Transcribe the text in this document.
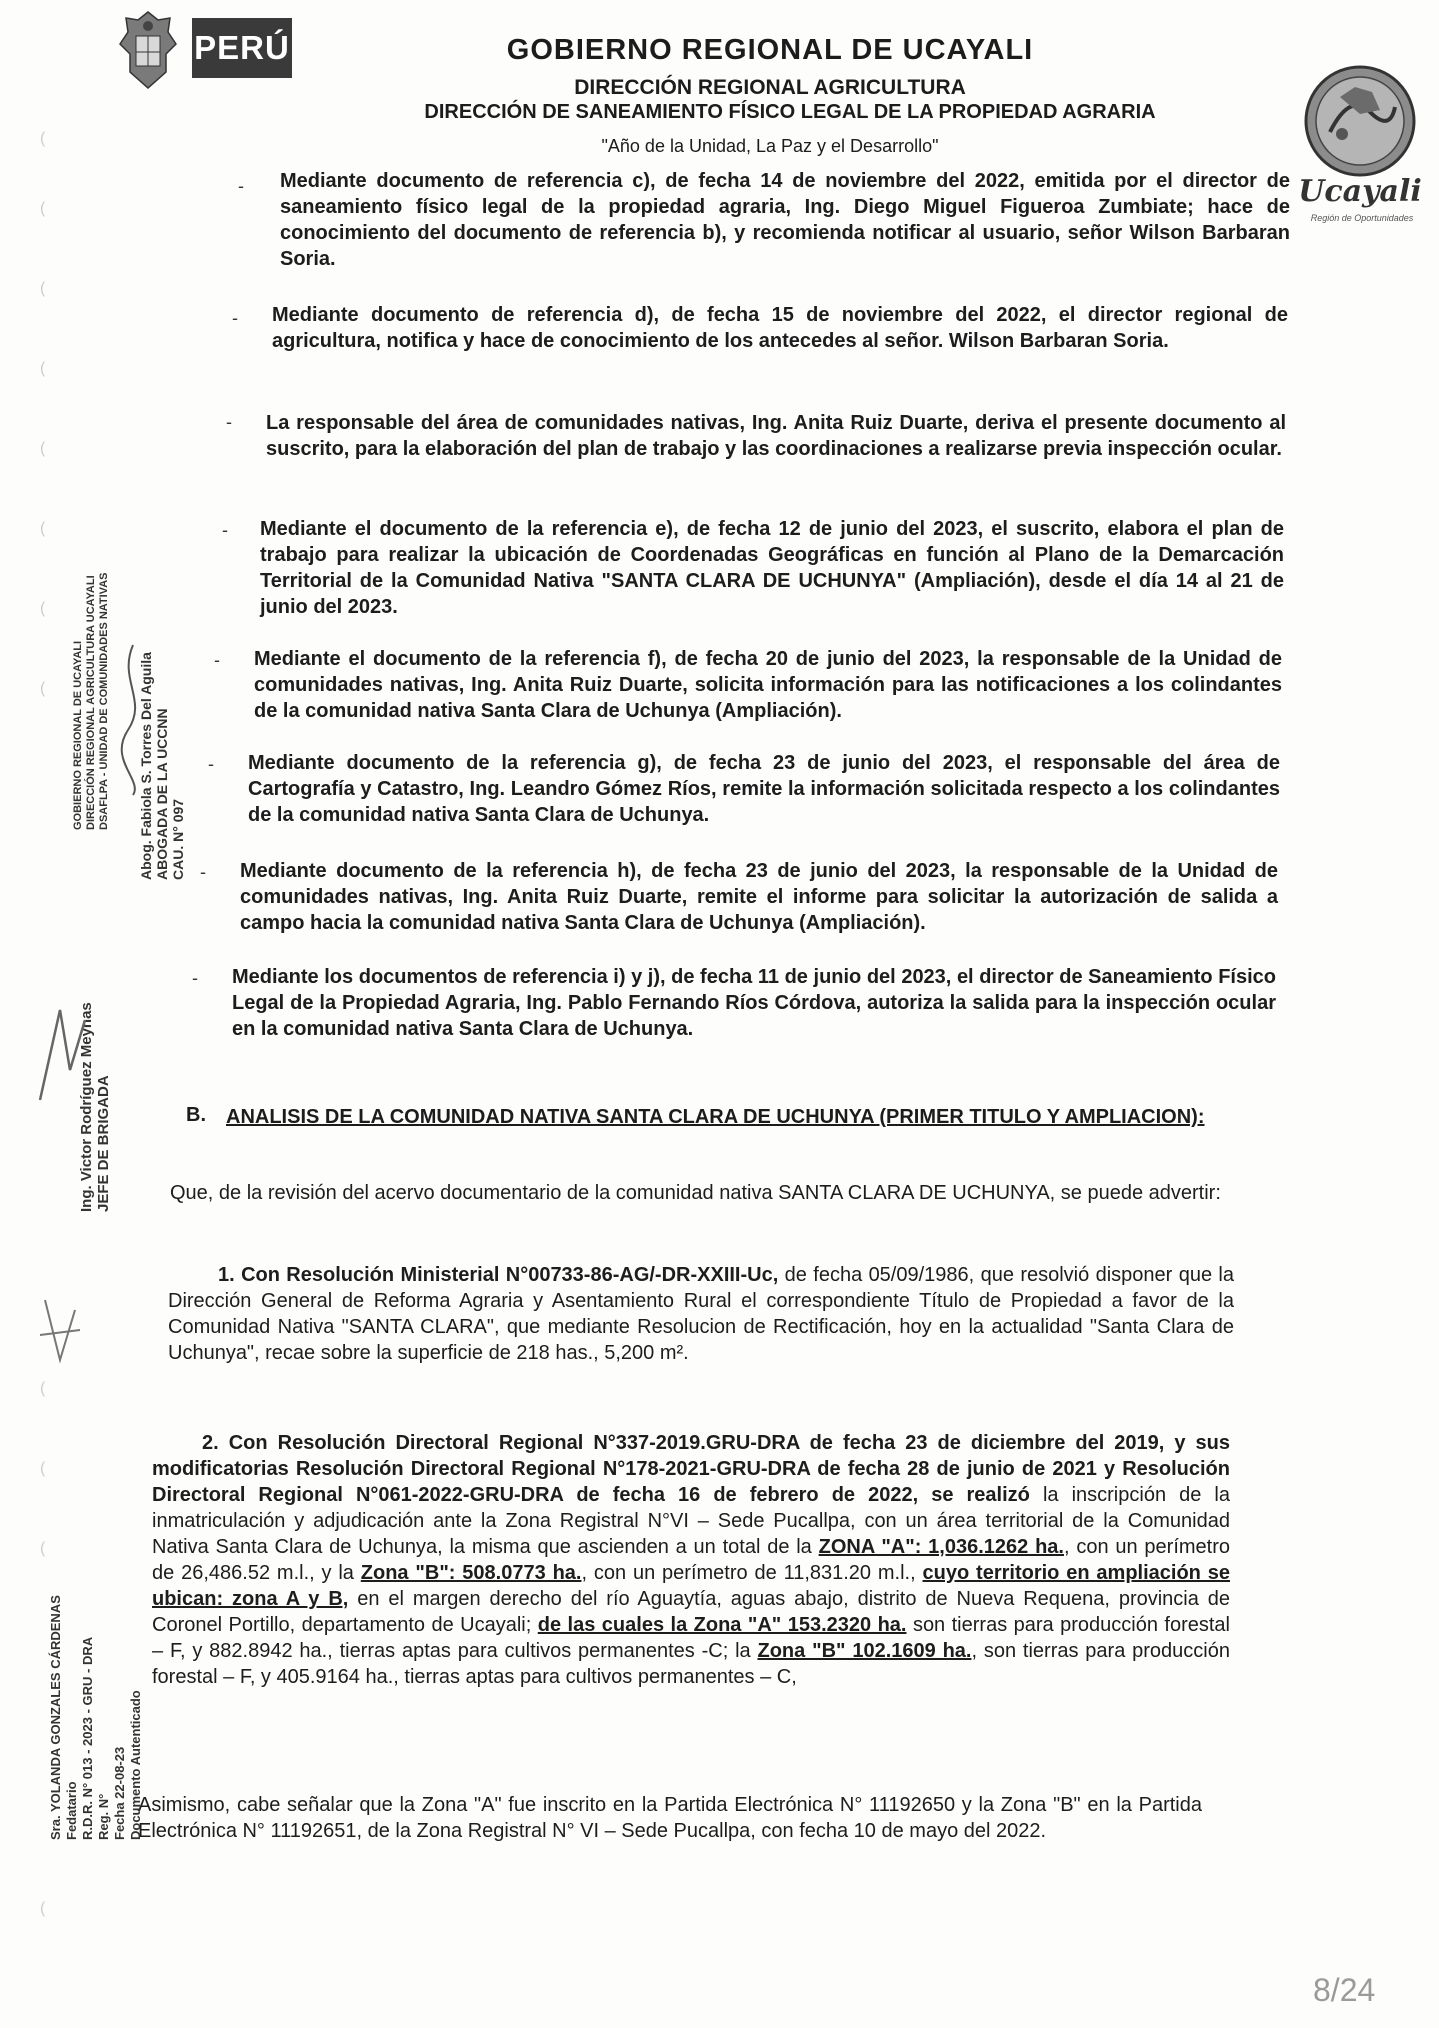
PERÚ	GOBIERNO REGIONAL DE UCAYALI
DIRECCIÓN REGIONAL AGRICULTURA
DIRECCIÓN DE SANEAMIENTO FÍSICO LEGAL DE LA PROPIEDAD AGRARIA
"Año de la Unidad, La Paz y el Desarrollo"
Ucayali
Región de Oportunidades
- Mediante documento de referencia c), de fecha 14 de noviembre del 2022, emitida por el director de saneamiento físico legal de la propiedad agraria, Ing. Diego Miguel Figueroa Zumbiate; hace de conocimiento del documento de referencia b), y recomienda notificar al usuario, señor Wilson Barbaran Soria.
- Mediante documento de referencia d), de fecha 15 de noviembre del 2022, el director regional de agricultura, notifica y hace de conocimiento de los antecedes al señor. Wilson Barbaran Soria.
- La responsable del área de comunidades nativas, Ing. Anita Ruiz Duarte, deriva el presente documento al suscrito, para la elaboración del plan de trabajo y las coordinaciones a realizarse previa inspección ocular.
- Mediante el documento de la referencia e), de fecha 12 de junio del 2023, el suscrito, elabora el plan de trabajo para realizar la ubicación de Coordenadas Geográficas en función al Plano de la Demarcación Territorial de la Comunidad Nativa "SANTA CLARA DE UCHUNYA" (Ampliación), desde el día 14 al 21 de junio del 2023.
- Mediante el documento de la referencia f), de fecha 20 de junio del 2023, la responsable de la Unidad de comunidades nativas, Ing. Anita Ruiz Duarte, solicita información para las notificaciones a los colindantes de la comunidad nativa Santa Clara de Uchunya (Ampliación).
- Mediante documento de la referencia g), de fecha 23 de junio del 2023, el responsable del área de Cartografía y Catastro, Ing. Leandro Gómez Ríos, remite la información solicitada respecto a los colindantes de la comunidad nativa Santa Clara de Uchunya.
- Mediante documento de la referencia h), de fecha 23 de junio del 2023, la responsable de la Unidad de comunidades nativas, Ing. Anita Ruiz Duarte, remite el informe para solicitar la autorización de salida a campo hacia la comunidad nativa Santa Clara de Uchunya (Ampliación).
- Mediante los documentos de referencia i) y j), de fecha 11 de junio del 2023, el director de Saneamiento Físico Legal de la Propiedad Agraria, Ing. Pablo Fernando Ríos Córdova, autoriza la salida para la inspección ocular en la comunidad nativa Santa Clara de Uchunya.
B. ANALISIS DE LA COMUNIDAD NATIVA SANTA CLARA DE UCHUNYA (PRIMER TITULO Y AMPLIACION):
Que, de la revisión del acervo documentario de la comunidad nativa SANTA CLARA DE UCHUNYA, se puede advertir:
1. Con Resolución Ministerial N°00733-86-AG/-DR-XXIII-Uc, de fecha 05/09/1986, que resolvió disponer que la Dirección General de Reforma Agraria y Asentamiento Rural el correspondiente Título de Propiedad a favor de la Comunidad Nativa "SANTA CLARA", que mediante Resolucion de Rectificación, hoy en la actualidad "Santa Clara de Uchunya", recae sobre la superficie de 218 has., 5,200 m².
2. Con Resolución Directoral Regional N°337-2019.GRU-DRA de fecha 23 de diciembre del 2019, y sus modificatorias Resolución Directoral Regional N°178-2021-GRU-DRA de fecha 28 de junio de 2021 y Resolución Directoral Regional N°061-2022-GRU-DRA de fecha 16 de febrero de 2022, se realizó la inscripción de la inmatriculación y adjudicación ante la Zona Registral N°VI – Sede Pucallpa, con un área territorial de la Comunidad Nativa Santa Clara de Uchunya, la misma que ascienden a un total de la ZONA "A": 1,036.1262 ha., con un perímetro de 26,486.52 m.l., y la Zona "B": 508.0773 ha., con un perímetro de 11,831.20 m.l., cuyo territorio en ampliación se ubican: zona A y B, en el margen derecho del río Aguaytía, aguas abajo, distrito de Nueva Requena, provincia de Coronel Portillo, departamento de Ucayali; de las cuales la Zona "A" 153.2320 ha. son tierras para producción forestal – F, y 882.8942 ha., tierras aptas para cultivos permanentes -C; la Zona "B" 102.1609 ha., son tierras para producción forestal – F, y 405.9164 ha., tierras aptas para cultivos permanentes – C,
Asimismo, cabe señalar que la Zona "A" fue inscrito en la Partida Electrónica N° 11192650 y la Zona "B" en la Partida Electrónica N° 11192651, de la Zona Registral N° VI – Sede Pucallpa, con fecha 10 de mayo del 2022.
GOBIERNO REGIONAL DE UCAYALI DIRECCIÓN REGIONAL AGRICULTURA UCAYALI DSAFLPA - UNIDAD DE COMUNIDADES NATIVAS Abog. Fabiola S. Torres Del Aguila ABOGADA DE LA UCCNN CAU. N° 097
Ing. Victor Rodríguez Meynas JEFE DE BRIGADA
Sra. YOLANDA GONZALES CÁRDENAS Fedatario R.D.R. N° 013 - 2023 - GRU - DRA Reg. N° Fecha 22-08-23 Documento Autenticado
(
(
(
(
(
(
(
(
(
(
(
(
8/24
